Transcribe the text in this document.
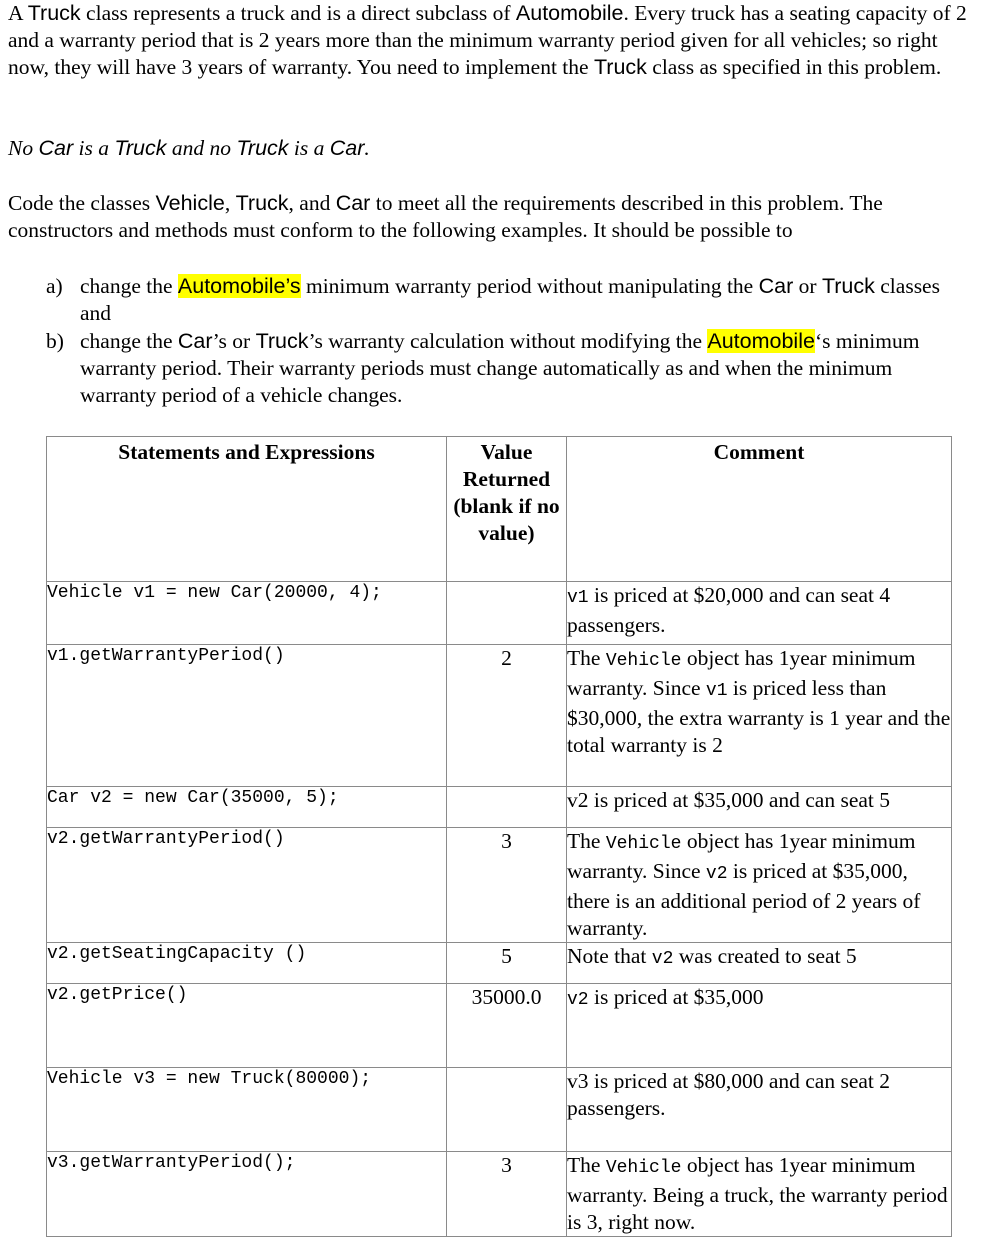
A Truck class represents a truck and is a direct subclass of Automobile. Every truck has a seating capacity of 2 and a warranty period that is 2 years more than the minimum warranty period given for all vehicles; so right now, they will have 3 years of warranty. You need to implement the Truck class as specified in this problem.

No Car is a Truck and no Truck is a Car.

Code the classes Vehicle, Truck, and Car to meet all the requirements described in this problem. The constructors and methods must conform to the following examples. It should be possible to

a) change the Automobile’s minimum warranty period without manipulating the Car or Truck classes and

b) change the Car’s or Truck’s warranty calculation without modifying the Automobile‘s minimum warranty period. Their warranty periods must change automatically as and when the minimum warranty period of a vehicle changes.

Statements and Expressions	Value Returned (blank if no value)	Comment
Vehicle v1 = new Car(20000, 4);		v1 is priced at $20,000 and can seat 4 passengers.
v1.getWarrantyPeriod()	2	The Vehicle object has 1year minimum warranty. Since v1 is priced less than $30,000, the extra warranty is 1 year and the total warranty is 2
Car v2 = new Car(35000, 5);		v2 is priced at $35,000 and can seat 5

v2.getWarrantyPeriod()	3	The Vehicle object has 1year minimum warranty. Since v2 is priced at $35,000, there is an additional period of 2 years of warranty.
v2.getSeatingCapacity ()	5	Note that v2 was created to seat 5

v2.getPrice()	35000.0	v2 is priced at $35,000
Vehicle v3 = new Truck(80000);		v3 is priced at $80,000 and can seat 2 passengers.
v3.getWarrantyPeriod();	3	The Vehicle object has 1year minimum warranty. Being a truck, the warranty period is 3, right now.
